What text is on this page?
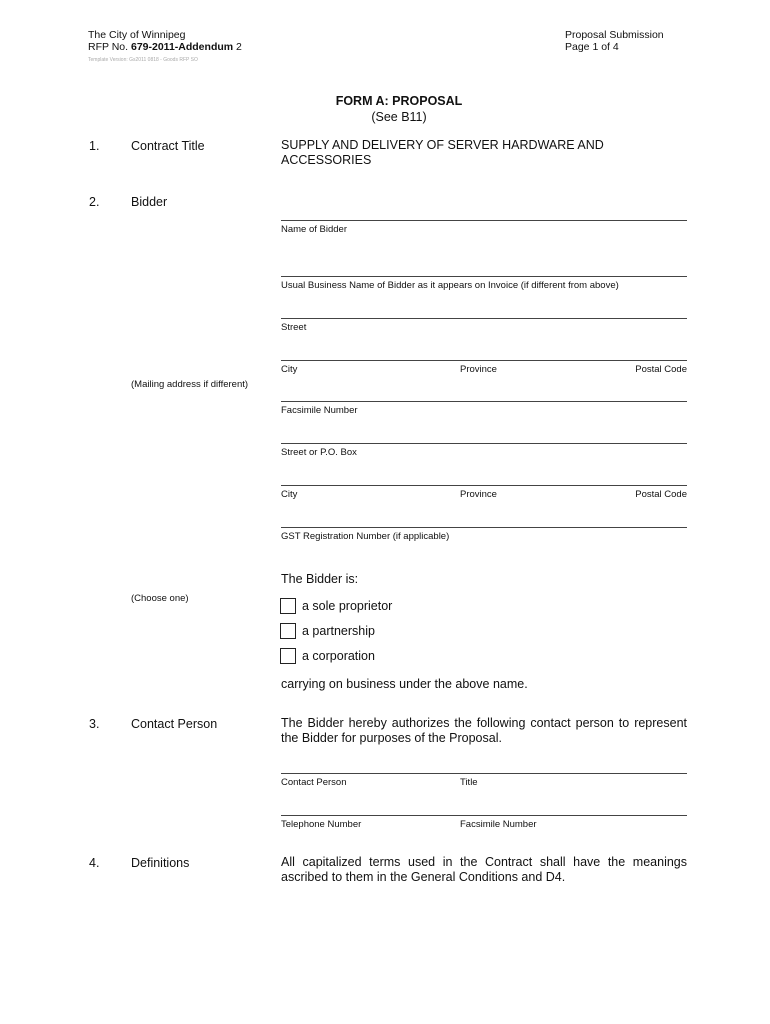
The City of Winnipeg
RFP No. 679-2011-Addendum 2
Template Version: Gs2011 0818 - Goods RFP SO
Proposal Submission
Page 1 of 4
FORM A: PROPOSAL
(See B11)
1.	Contract Title	SUPPLY AND DELIVERY OF SERVER HARDWARE AND ACCESSORIES
2.	Bidder
Name of Bidder
Usual Business Name of Bidder as it appears on Invoice (if different from above)
Street
City	Province	Postal Code
(Mailing address if different)
Facsimile Number
Street or P.O. Box
City	Province	Postal Code
GST Registration Number (if applicable)
The Bidder is:
(Choose one)
a sole proprietor
a partnership
a corporation
carrying on business under the above name.
3.	Contact Person	The Bidder hereby authorizes the following contact person to represent the Bidder for purposes of the Proposal.
Contact Person	Title
Telephone Number	Facsimile Number
4.	Definitions	All capitalized terms used in the Contract shall have the meanings ascribed to them in the General Conditions and D4.
